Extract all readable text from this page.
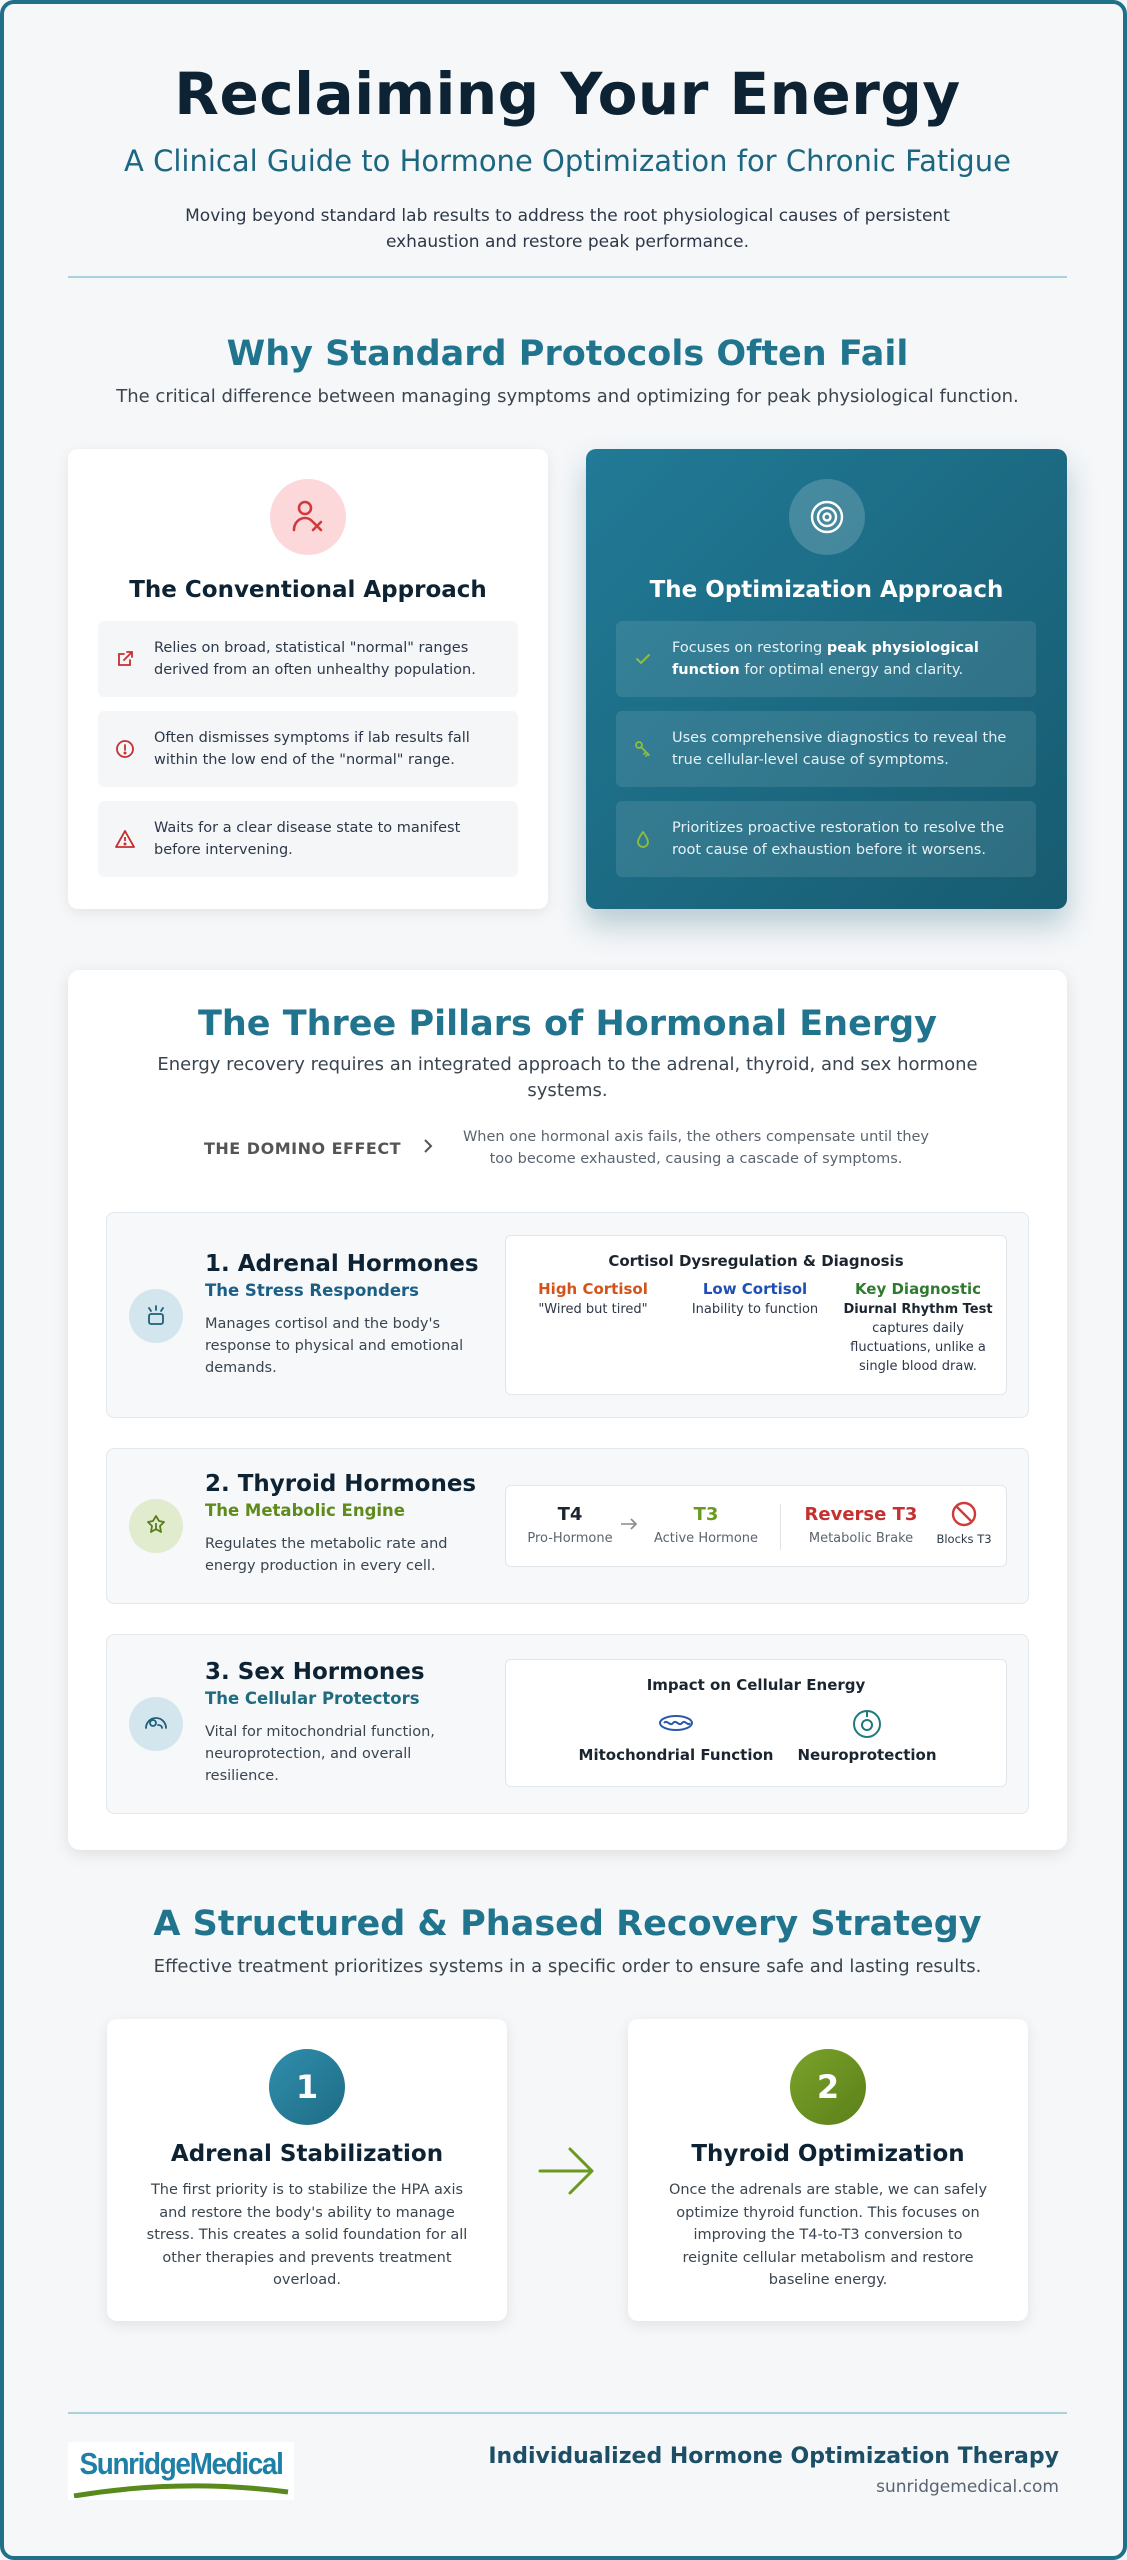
Reclaiming Your Energy
A Clinical Guide to Hormone Optimization for Chronic Fatigue

Moving beyond standard lab results to address the root physiological causes of persistent exhaustion and restore peak performance.

Why Standard Protocols Often Fail
The critical difference between managing symptoms and optimizing for peak physiological function.
The Conventional Approach
Relies on broad, statistical "normal" ranges derived from an often unhealthy population.
Often dismisses symptoms if lab results fall within the low end of the "normal" range.
Waits for a clear disease state to manifest before intervening.
The Optimization Approach
Focuses on restoring peak physiological function for optimal energy and clarity.
Uses comprehensive diagnostics to reveal the true cellular-level cause of symptoms.
Prioritizes proactive restoration to resolve the root cause of exhaustion before it worsens.
The Three Pillars of Hormonal Energy
Energy recovery requires an integrated approach to the adrenal, thyroid, and sex hormone systems.
THE DOMINO EFFECT
When one hormonal axis fails, the others compensate until they too become exhausted, causing a cascade of symptoms.
1. Adrenal Hormones
The Stress Responders
Manages cortisol and the body's response to physical and emotional demands.
Cortisol Dysregulation & Diagnosis
High Cortisol
"Wired but tired"
Low Cortisol
Inability to function
Key Diagnostic
Diurnal Rhythm Test
captures daily fluctuations, unlike a single blood draw.
2. Thyroid Hormones
The Metabolic Engine
Regulates the metabolic rate and energy production in every cell.
T4
Pro-Hormone
T3
Active Hormone
Reverse T3
Metabolic Brake	Blocks T3
3. Sex Hormones
The Cellular Protectors
Vital for mitochondrial function, neuroprotection, and overall resilience.
Impact on Cellular Energy
Mitochondrial Function	Neuroprotection
A Structured & Phased Recovery Strategy
Effective treatment prioritizes systems in a specific order to ensure safe and lasting results.
1
Adrenal Stabilization

The first priority is to stabilize the HPA axis and restore the body's ability to manage stress. This creates a solid foundation for all other therapies and prevents treatment overload.

2
Thyroid Optimization

Once the adrenals are stable, we can safely optimize thyroid function. This focuses on improving the T4-to-T3 conversion to reignite cellular metabolism and restore baseline energy.

SunridgeMedical	Individualized Hormone Optimization Therapy
sunridgemedical.com
